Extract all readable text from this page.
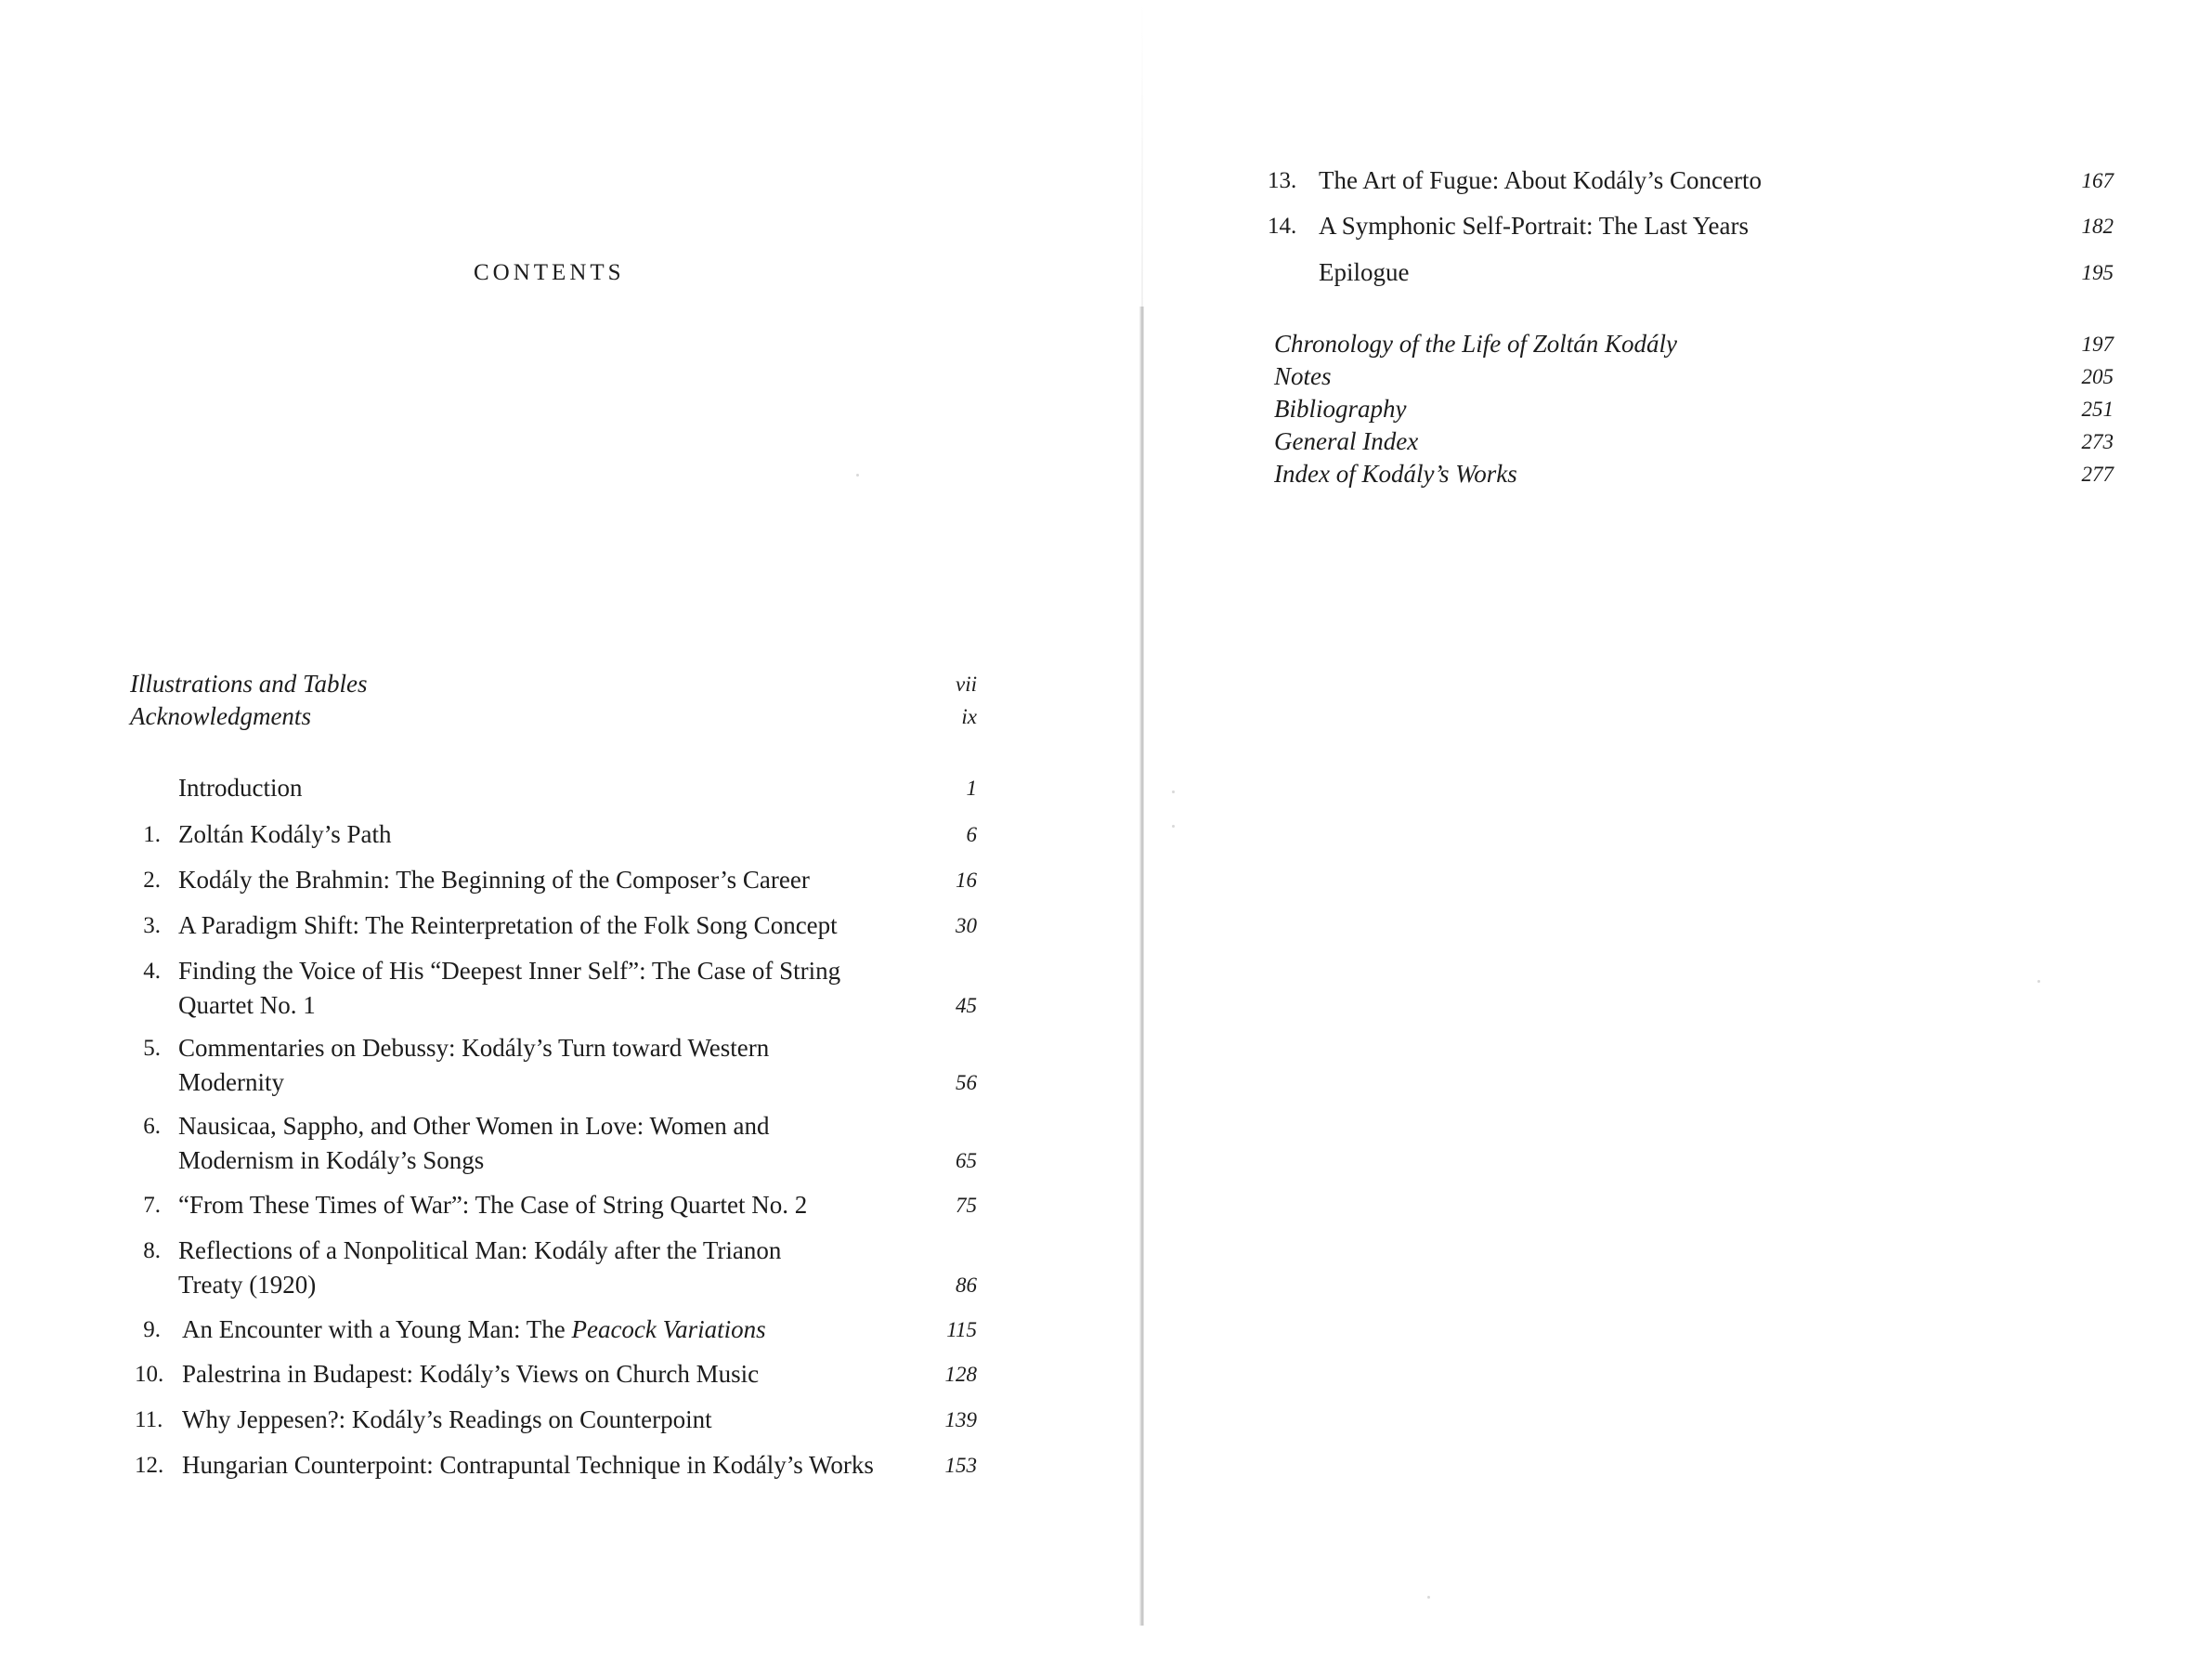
CONTENTS
Illustrations and Tables	vii
Acknowledgments	ix
Introduction	1
1. Zoltán Kodály’s Path	6
2. Kodály the Brahmin: The Beginning of the Composer’s Career	16
3. A Paradigm Shift: The Reinterpretation of the Folk Song Concept	30
4. Finding the Voice of His “Deepest Inner Self”: The Case of String
Quartet No. 1	45
5. Commentaries on Debussy: Kodály’s Turn toward Western
Modernity	56
6. Nausicaa, Sappho, and Other Women in Love: Women and
Modernism in Kodály’s Songs	65
7. “From These Times of War”: The Case of String Quartet No. 2	75
8. Reflections of a Nonpolitical Man: Kodály after the Trianon
Treaty (1920)	86
9. An Encounter with a Young Man: The Peacock Variations	115
10. Palestrina in Budapest: Kodály’s Views on Church Music	128
11. Why Jeppesen?: Kodály’s Readings on Counterpoint	139
12. Hungarian Counterpoint: Contrapuntal Technique in Kodály’s Works	153
13. The Art of Fugue: About Kodály’s Concerto	167
14. A Symphonic Self-Portrait: The Last Years	182
Epilogue	195
Chronology of the Life of Zoltán Kodály	197
Notes	205
Bibliography	251
General Index	273
Index of Kodály’s Works	277
